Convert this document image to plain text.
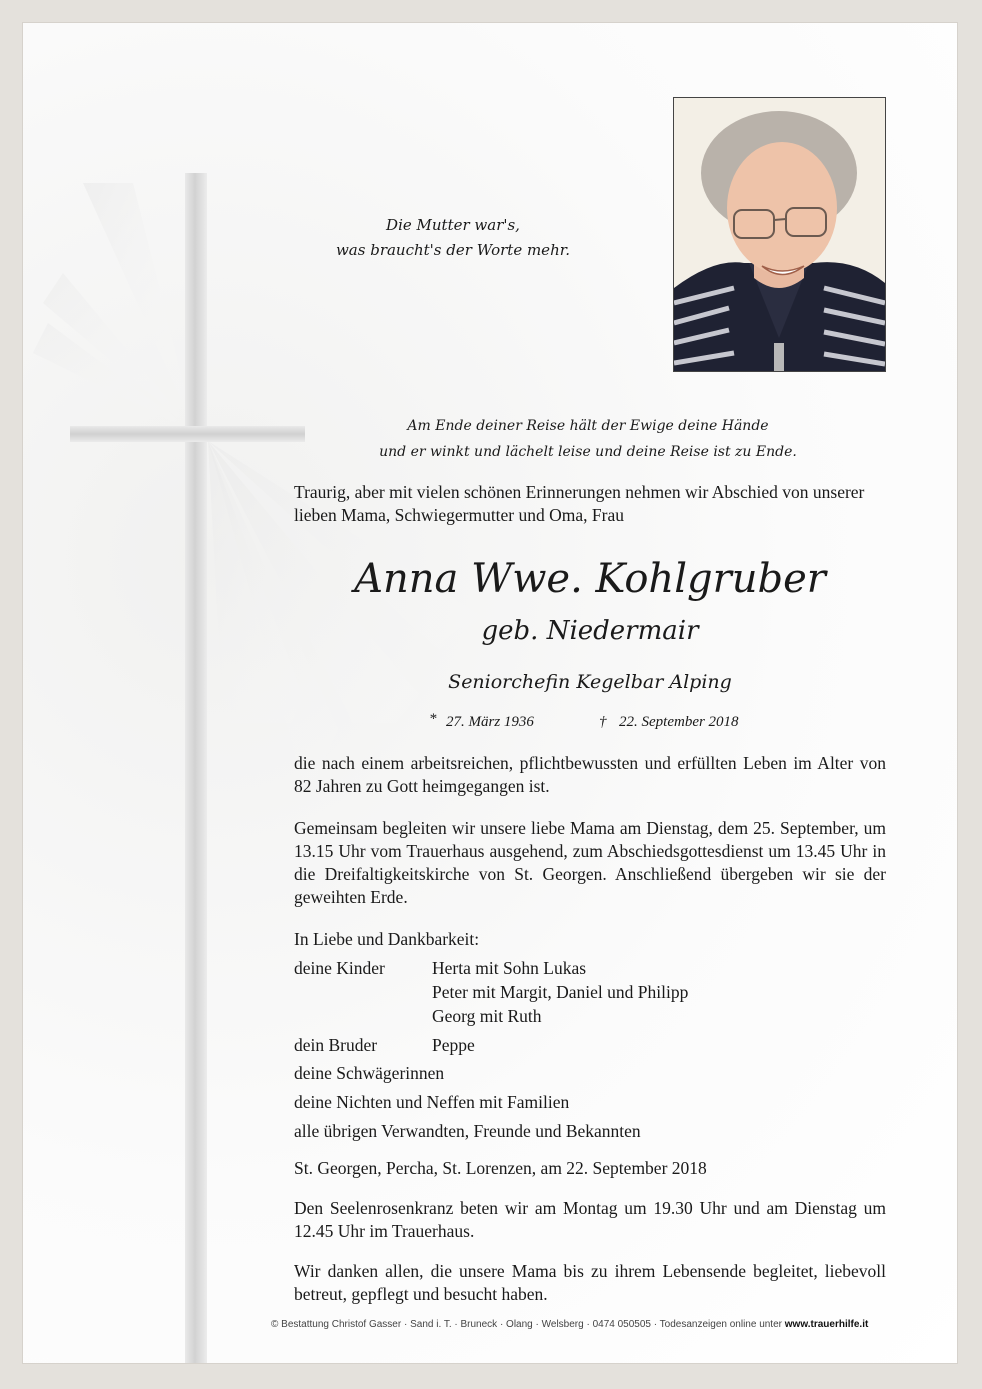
Die Mutter war's,
was braucht's der Worte mehr.
Am Ende deiner Reise hält der Ewige deine Hände
und er winkt und lächelt leise und deine Reise ist zu Ende.
Traurig, aber mit vielen schönen Erinnerungen nehmen wir Abschied von unserer lieben Mama, Schwiegermutter und Oma, Frau
Anna Wwe. Kohlgruber
geb. Niedermair
Seniorchefin Kegelbar Alping
* 27. März 1936	† 22. September 2018
die nach einem arbeitsreichen, pflichtbewussten und erfüllten Leben im Alter von 82 Jahren zu Gott heimgegangen ist.
Gemeinsam begleiten wir unsere liebe Mama am Dienstag, dem 25. September, um 13.15 Uhr vom Trauerhaus ausgehend, zum Abschiedsgottesdienst um 13.45 Uhr in die Dreifaltigkeitskirche von St. Georgen. Anschließend übergeben wir sie der geweihten Erde.
In Liebe und Dankbarkeit:
deine Kinder	Herta mit Sohn Lukas
Peter mit Margit, Daniel und Philipp
Georg mit Ruth
dein Bruder	Peppe
deine Schwägerinnen
deine Nichten und Neffen mit Familien
alle übrigen Verwandten, Freunde und Bekannten
St. Georgen, Percha, St. Lorenzen, am 22. September 2018
Den Seelenrosenkranz beten wir am Montag um 19.30 Uhr und am Dienstag um 12.45 Uhr im Trauerhaus.
Wir danken allen, die unsere Mama bis zu ihrem Lebensende begleitet, liebevoll betreut, gepflegt und besucht haben.
© Bestattung Christof Gasser · Sand i. T. · Bruneck · Olang · Welsberg · 0474 050505 · Todesanzeigen online unter www.trauerhilfe.it
